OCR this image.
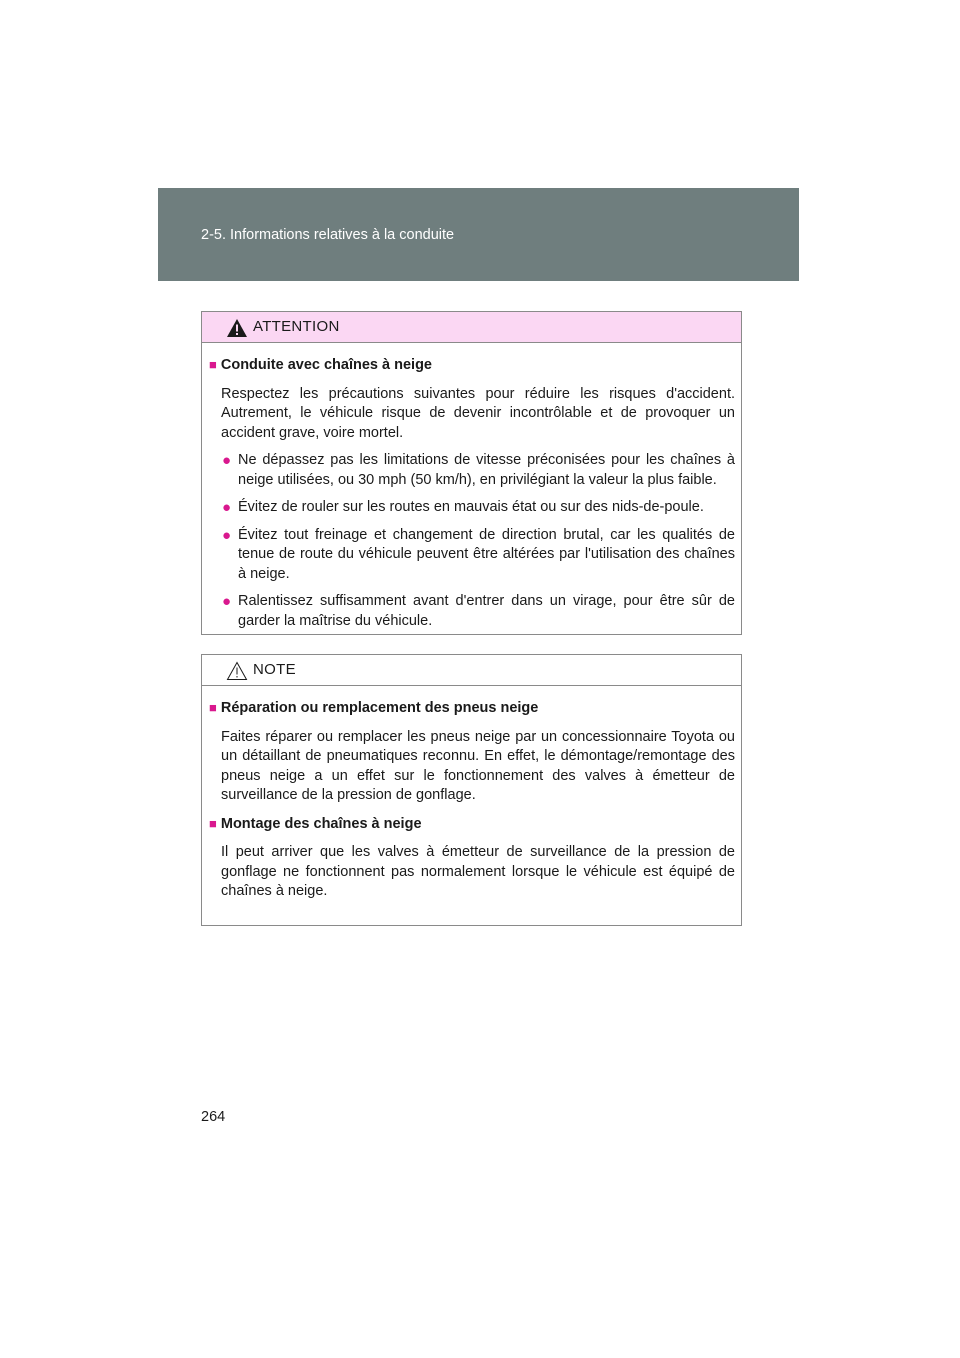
2-5. Informations relatives à la conduite
ATTENTION
■ Conduite avec chaînes à neige
Respectez les précautions suivantes pour réduire les risques d'accident. Autrement, le véhicule risque de devenir incontrôlable et de provoquer un accident grave, voire mortel.
● Ne dépassez pas les limitations de vitesse préconisées pour les chaînes à neige utilisées, ou 30 mph (50 km/h), en privilégiant la valeur la plus faible.
● Évitez de rouler sur les routes en mauvais état ou sur des nids-de-poule.
● Évitez tout freinage et changement de direction brutal, car les qualités de tenue de route du véhicule peuvent être altérées par l'utilisation des chaînes à neige.
● Ralentissez suffisamment avant d'entrer dans un virage, pour être sûr de garder la maîtrise du véhicule.
NOTE
■ Réparation ou remplacement des pneus neige
Faites réparer ou remplacer les pneus neige par un concessionnaire Toyota ou un détaillant de pneumatiques reconnu. En effet, le démontage/remontage des pneus neige a un effet sur le fonctionnement des valves à émetteur de surveillance de la pression de gonflage.
■ Montage des chaînes à neige
Il peut arriver que les valves à émetteur de surveillance de la pression de gonflage ne fonctionnent pas normalement lorsque le véhicule est équipé de chaînes à neige.
264
